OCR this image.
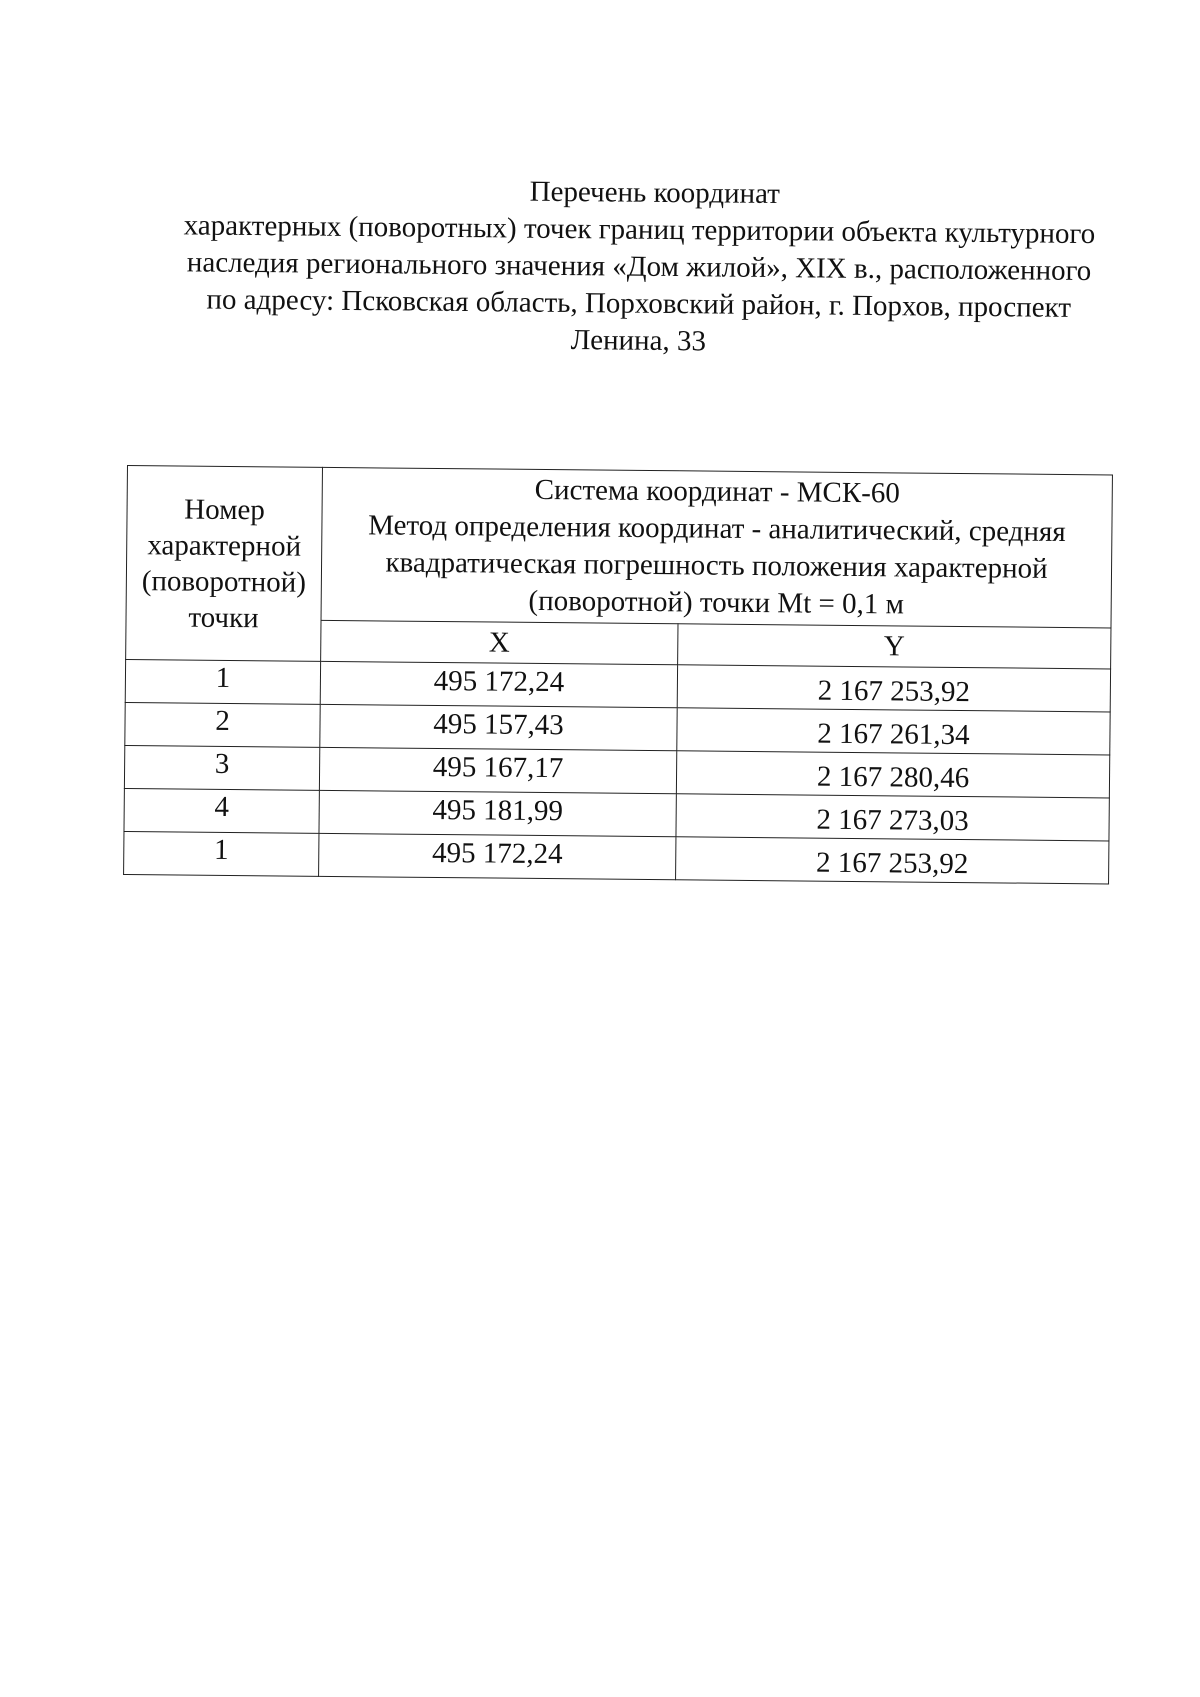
Перечень координат
характерных (поворотных) точек границ территории объекта культурного
наследия регионального значения «Дом жилой», XIX в., расположенного
по адресу: Псковская область, Порховский район, г. Порхов, проспект
Ленина, 33
Номер
характерной
(поворотной)
точки	Система координат - МСК-60
Метод определения координат - аналитический, средняя
квадратическая погрешность положения характерной
(поворотной) точки Mt = 0,1 м	

	X	Y
1	495 172,24	2 167 253,92
2	495 157,43	2 167 261,34
3	495 167,17	2 167 280,46
4	495 181,99	2 167 273,03
1	495 172,24	2 167 253,92
